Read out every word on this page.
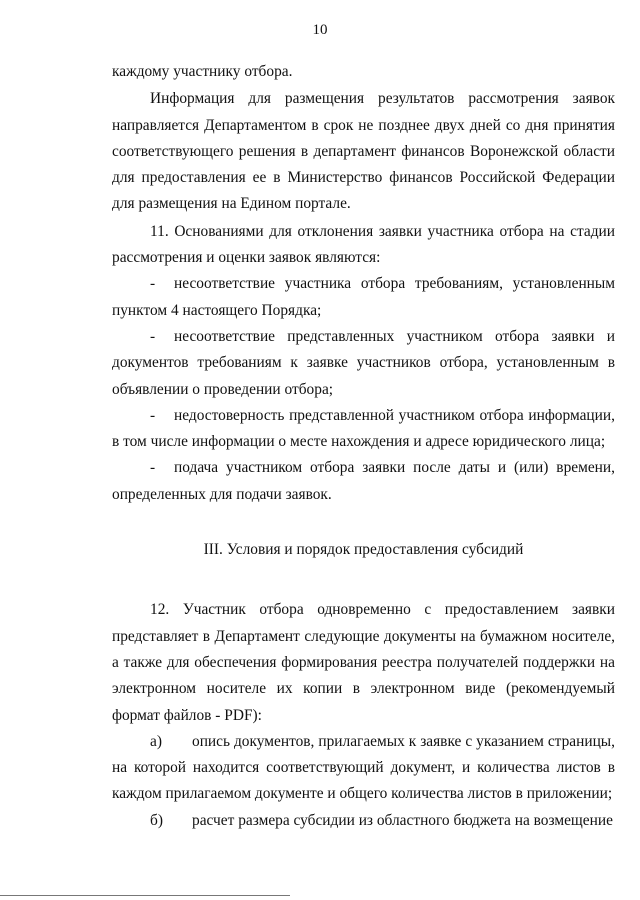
10

каждому участнику отбора.

Информация для размещения результатов рассмотрения заявок направляется Департаментом в срок не позднее двух дней со дня принятия соответствующего решения в департамент финансов Воронежской области для предоставления ее в Министерство финансов Российской Федерации для размещения на Едином портале.

11. Основаниями для отклонения заявки участника отбора на стадии рассмотрения и оценки заявок являются:

- несоответствие участника отбора требованиям, установленным пунктом 4 настоящего Порядка;

- несоответствие представленных участником отбора заявки и документов требованиям к заявке участников отбора, установленным в объявлении о проведении отбора;

- недостоверность представленной участником отбора информации, в том числе информации о месте нахождения и адресе юридического лица;

- подача участником отбора заявки после даты и (или) времени, определенных для подачи заявок.

III. Условия и порядок предоставления субсидий

12. Участник отбора одновременно с предоставлением заявки представляет в Департамент следующие документы на бумажном носителе, а также для обеспечения формирования реестра получателей поддержки на электронном носителе их копии в электронном виде (рекомендуемый формат файлов - PDF):

а) опись документов, прилагаемых к заявке с указанием страницы, на которой находится соответствующий документ, и количества листов в каждом прилагаемом документе и общего количества листов в приложении;

б) расчет размера субсидии из областного бюджета на возмещение
